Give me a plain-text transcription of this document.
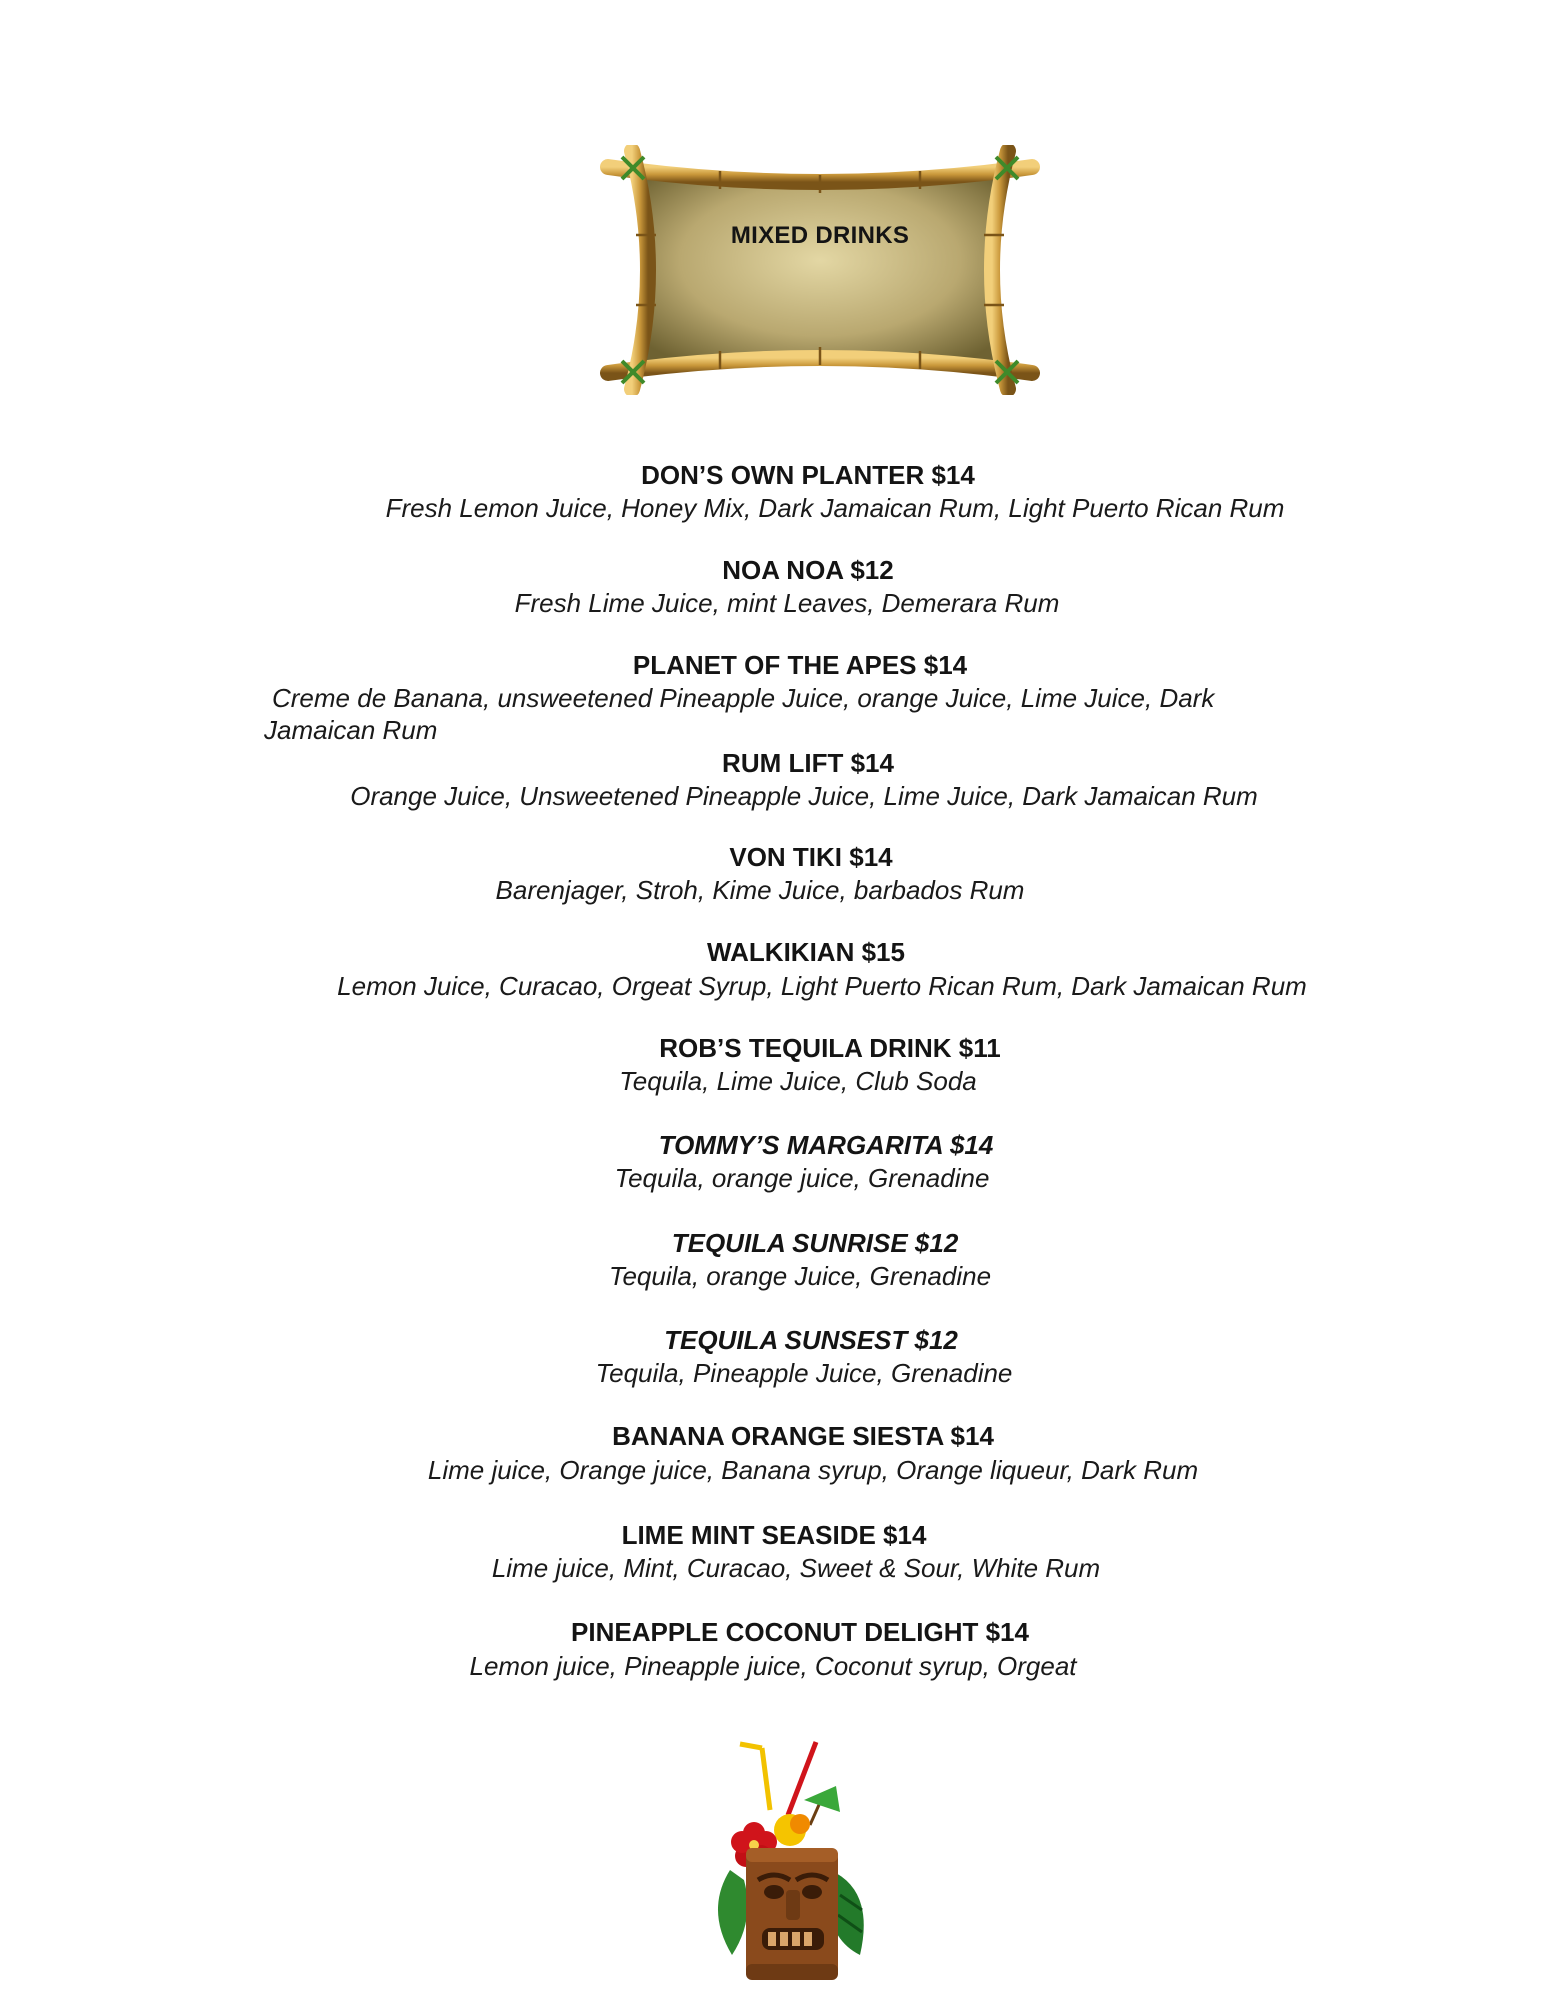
MIXED DRINKS
DON’S OWN PLANTER $14
Fresh Lemon Juice, Honey Mix, Dark Jamaican Rum, Light Puerto Rican Rum
NOA NOA $12
Fresh Lime Juice, mint Leaves, Demerara Rum
PLANET OF THE APES $14
Creme de Banana, unsweetened Pineapple Juice, orange Juice, Lime Juice, Dark Jamaican Rum
RUM LIFT $14
Orange Juice, Unsweetened Pineapple Juice, Lime Juice, Dark Jamaican Rum
VON TIKI $14
Barenjager, Stroh, Kime Juice, barbados Rum
WALKIKIAN $15
Lemon Juice, Curacao, Orgeat Syrup, Light Puerto Rican Rum, Dark Jamaican Rum
ROB’S TEQUILA DRINK $11
Tequila, Lime Juice, Club Soda
TOMMY’S MARGARITA $14
Tequila, orange juice, Grenadine
TEQUILA SUNRISE $12
Tequila, orange Juice, Grenadine
TEQUILA SUNSEST $12
Tequila, Pineapple Juice, Grenadine
BANANA ORANGE SIESTA $14
Lime juice, Orange juice, Banana syrup, Orange liqueur, Dark Rum
LIME MINT SEASIDE $14
Lime juice, Mint, Curacao, Sweet & Sour, White Rum
PINEAPPLE COCONUT DELIGHT $14
Lemon juice, Pineapple juice, Coconut syrup, Orgeat
